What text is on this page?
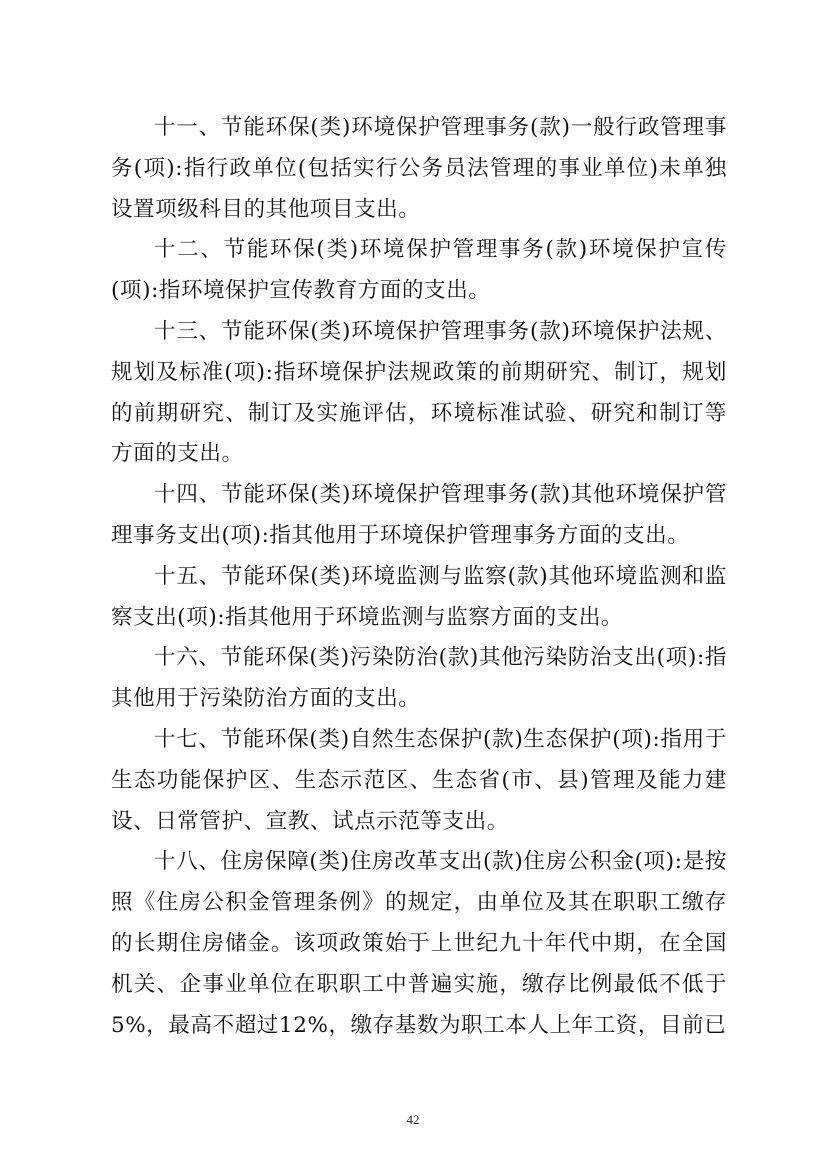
十一、节能环保(类)环境保护管理事务(款)一般行政管理事务(项):指行政单位(包括实行公务员法管理的事业单位)未单独设置项级科目的其他项目支出。

十二、节能环保(类)环境保护管理事务(款)环境保护宣传(项):指环境保护宣传教育方面的支出。

十三、节能环保(类)环境保护管理事务(款)环境保护法规、规划及标准(项):指环境保护法规政策的前期研究、制订，规划的前期研究、制订及实施评估，环境标准试验、研究和制订等方面的支出。

十四、节能环保(类)环境保护管理事务(款)其他环境保护管理事务支出(项):指其他用于环境保护管理事务方面的支出。

十五、节能环保(类)环境监测与监察(款)其他环境监测和监察支出(项):指其他用于环境监测与监察方面的支出。

十六、节能环保(类)污染防治(款)其他污染防治支出(项):指其他用于污染防治方面的支出。

十七、节能环保(类)自然生态保护(款)生态保护(项):指用于生态功能保护区、生态示范区、生态省(市、县)管理及能力建设、日常管护、宣教、试点示范等支出。

十八、住房保障(类)住房改革支出(款)住房公积金(项):是按照《住房公积金管理条例》的规定，由单位及其在职职工缴存的长期住房储金。该项政策始于上世纪九十年代中期，在全国机关、企事业单位在职职工中普遍实施，缴存比例最低不低于5%，最高不超过12%，缴存基数为职工本人上年工资，目前已

42
